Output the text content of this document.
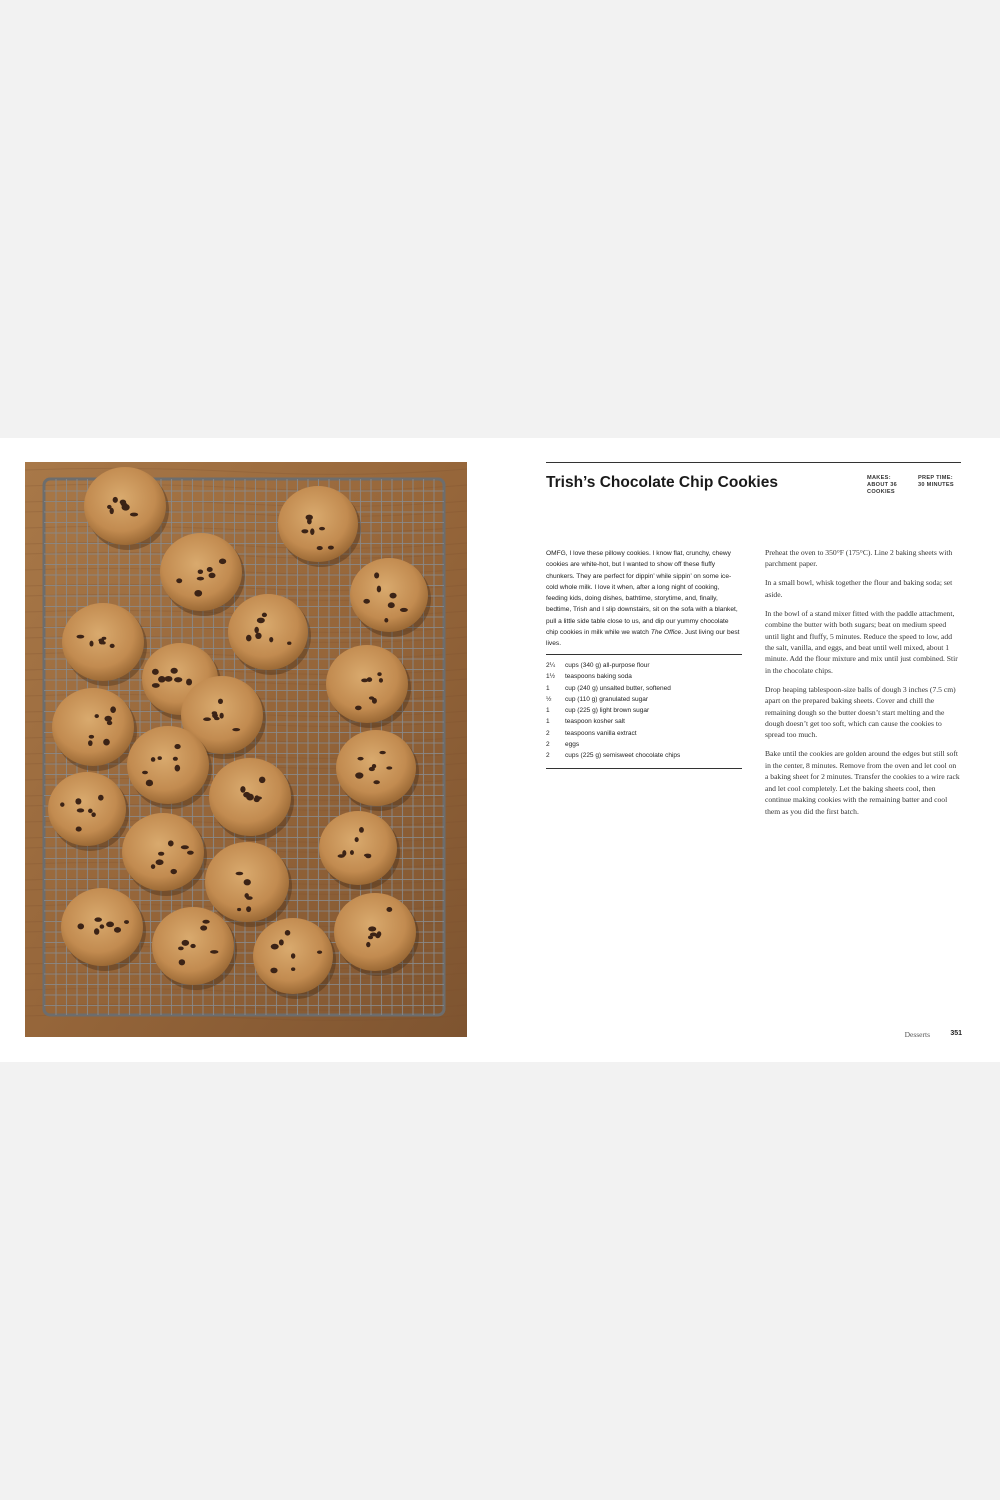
Trish’s Chocolate Chip Cookies	MAKES:
ABOUT 36
COOKIES
PREP TIME:
30 MINUTES

OMFG, I love these pillowy cookies. I know flat, crunchy, chewy cookies are white-hot, but I wanted to show off these fluffy chunkers. They are perfect for dippin’ while sippin’ on some ice-cold whole milk. I love it when, after a long night of cooking, feeding kids, doing dishes, bathtime, storytime, and, finally, bedtime, Trish and I slip downstairs, sit on the sofa with a blanket, pull a little side table close to us, and dip our yummy chocolate chip cookies in milk while we watch The Office. Just living our best lives.

2¼	cups (340 g) all-purpose flour
1½	teaspoons baking soda
1	cup (240 g) unsalted butter, softened
½	cup (110 g) granulated sugar
1	cup (225 g) light brown sugar
1	teaspoon kosher salt
2	teaspoons vanilla extract
2	eggs
2	cups (225 g) semisweet chocolate chips

Preheat the oven to 350°F (175°C). Line 2 baking sheets with parchment paper.

In a small bowl, whisk together the flour and baking soda; set aside.

In the bowl of a stand mixer fitted with the paddle attachment, combine the butter with both sugars; beat on medium speed until light and fluffy, 5 minutes. Reduce the speed to low, add the salt, vanilla, and eggs, and beat until well mixed, about 1 minute. Add the flour mixture and mix until just combined. Stir in the chocolate chips.

Drop heaping tablespoon-size balls of dough 3 inches (7.5 cm) apart on the prepared baking sheets. Cover and chill the remaining dough so the butter doesn’t start melting and the dough doesn’t get too soft, which can cause the cookies to spread too much.

Bake until the cookies are golden around the edges but still soft in the center, 8 minutes. Remove from the oven and let cool on a baking sheet for 2 minutes. Transfer the cookies to a wire rack and let cool completely. Let the baking sheets cool, then continue making cookies with the remaining batter and cool them as you did the first batch.

Desserts	351
